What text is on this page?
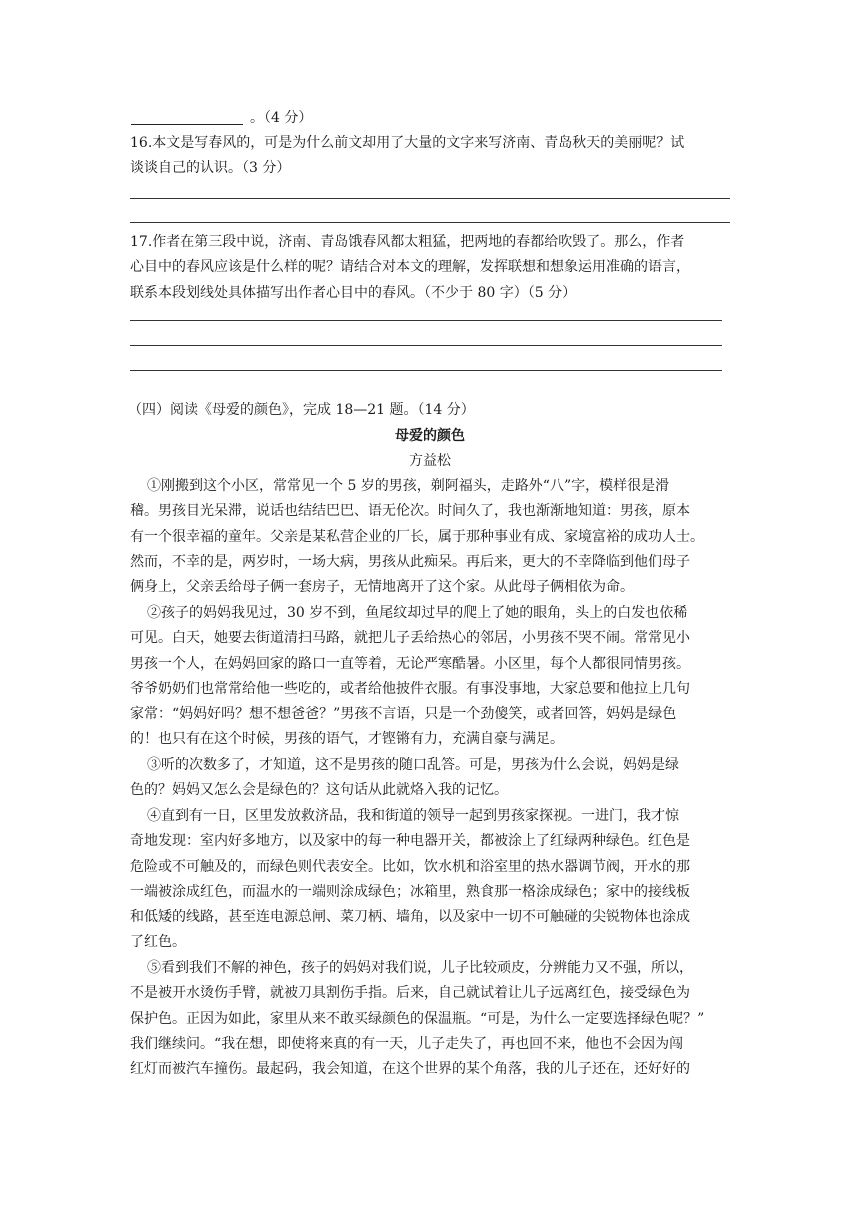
。（4 分）
16.本文是写春风的，可是为什么前文却用了大量的文字来写济南、青岛秋天的美丽呢？试
谈谈自己的认识。（3 分）
17.作者在第三段中说，济南、青岛饿春风都太粗猛，把两地的春都给吹毁了。那么，作者
心目中的春风应该是什么样的呢？请结合对本文的理解，发挥联想和想象运用准确的语言，
联系本段划线处具体描写出作者心目中的春风。（不少于 80 字）（5 分）
（四）阅读《母爱的颜色》，完成 18—21 题。（14 分）
母爱的颜色
方益松
①刚搬到这个小区，常常见一个 5 岁的男孩，剃阿福头，走路外“八”字，模样很是滑
稽。男孩目光呆滞，说话也结结巴巴、语无伦次。时间久了，我也渐渐地知道：男孩，原本
有一个很幸福的童年。父亲是某私营企业的厂长，属于那种事业有成、家境富裕的成功人士。
然而，不幸的是，两岁时，一场大病，男孩从此痴呆。再后来，更大的不幸降临到他们母子
俩身上，父亲丢给母子俩一套房子，无情地离开了这个家。从此母子俩相依为命。
②孩子的妈妈我见过，30 岁不到，鱼尾纹却过早的爬上了她的眼角，头上的白发也依稀
可见。白天，她要去街道清扫马路，就把儿子丢给热心的邻居，小男孩不哭不闹。常常见小
男孩一个人，在妈妈回家的路口一直等着，无论严寒酷暑。小区里，每个人都很同情男孩。
爷爷奶奶们也常常给他一些吃的，或者给他披件衣服。有事没事地，大家总要和他拉上几句
家常：“妈妈好吗？想不想爸爸？”男孩不言语，只是一个劲傻笑，或者回答，妈妈是绿色
的！也只有在这个时候，男孩的语气，才铿锵有力，充满自豪与满足。
③听的次数多了，才知道，这不是男孩的随口乱答。可是，男孩为什么会说，妈妈是绿
色的？妈妈又怎么会是绿色的？这句话从此就烙入我的记忆。
④直到有一日，区里发放救济品，我和街道的领导一起到男孩家探视。一进门，我才惊
奇地发现：室内好多地方，以及家中的每一种电器开关，都被涂上了红绿两种绿色。红色是
危险或不可触及的，而绿色则代表安全。比如，饮水机和浴室里的热水器调节阀，开水的那
一端被涂成红色，而温水的一端则涂成绿色；冰箱里，熟食那一格涂成绿色；家中的接线板
和低矮的线路，甚至连电源总闸、菜刀柄、墙角，以及家中一切不可触碰的尖锐物体也涂成
了红色。
⑤看到我们不解的神色，孩子的妈妈对我们说，儿子比较顽皮，分辨能力又不强，所以，
不是被开水烫伤手臂，就被刀具割伤手指。后来，自己就试着让儿子远离红色，接受绿色为
保护色。正因为如此，家里从来不敢买绿颜色的保温瓶。“可是，为什么一定要选择绿色呢？”
我们继续问。“我在想，即使将来真的有一天，儿子走失了，再也回不来，他也不会因为闯
红灯而被汽车撞伤。最起码，我会知道，在这个世界的某个角落，我的儿子还在，还好好的
